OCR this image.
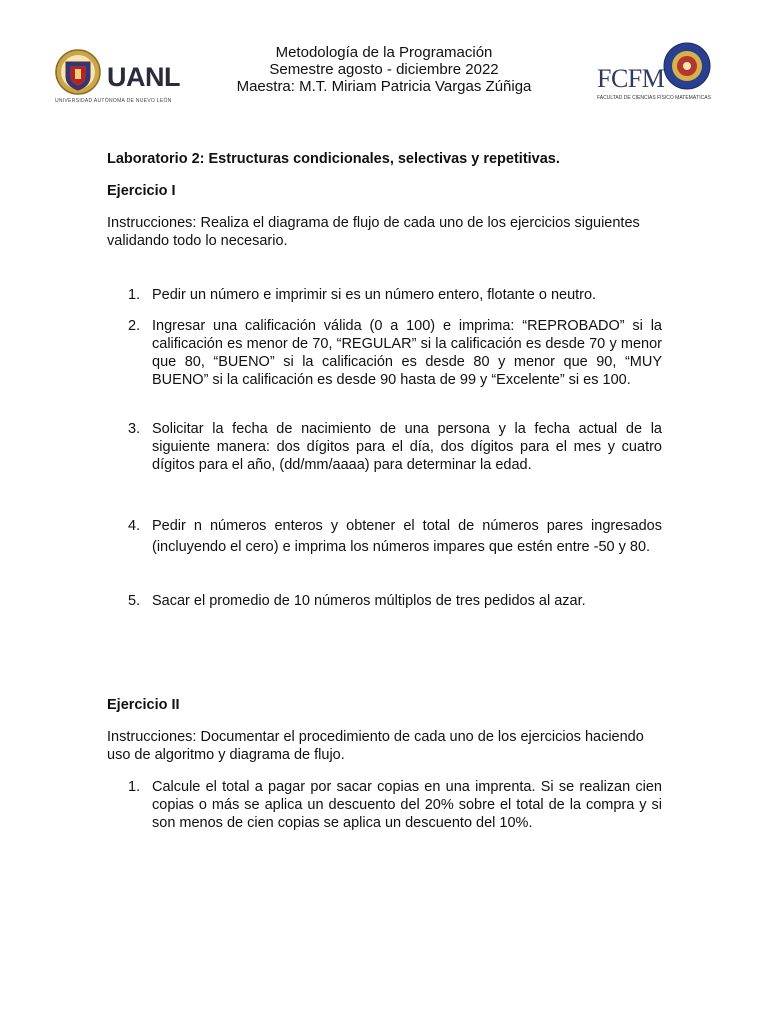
UANL
UNIVERSIDAD AUTÓNOMA DE NUEVO LEÓN
Metodología de la Programación
Semestre agosto - diciembre 2022
Maestra: M.T. Miriam Patricia Vargas Zúñiga	FCFM
FACULTAD DE CIENCIAS FÍSICO MATEMÁTICAS

Laboratorio 2: Estructuras condicionales, selectivas y repetitivas.

Ejercicio I

Instrucciones: Realiza el diagrama de flujo de cada uno de los ejercicios siguientes validando todo lo necesario.

1. Pedir un número e imprimir si es un número entero, flotante o neutro.
2. Ingresar una calificación válida (0 a 100) e imprima: “REPROBADO” si la calificación es menor de 70, “REGULAR” si la calificación es desde 70 y menor que 80, “BUENO” si la calificación es desde 80 y menor que 90, “MUY BUENO” si la calificación es desde 90 hasta de 99 y “Excelente” si es 100.
3. Solicitar la fecha de nacimiento de una persona y la fecha actual de la siguiente manera: dos dígitos para el día, dos dígitos para el mes y cuatro dígitos para el año, (dd/mm/aaaa) para determinar la edad.
4. Pedir n números enteros y obtener el total de números pares ingresados (incluyendo el cero) e imprima los números impares que estén entre -50 y 80.
5. Sacar el promedio de 10 números múltiplos de tres pedidos al azar.

Ejercicio II

Instrucciones: Documentar el procedimiento de cada uno de los ejercicios haciendo uso de algoritmo y diagrama de flujo.

1. Calcule el total a pagar por sacar copias en una imprenta. Si se realizan cien copias o más se aplica un descuento del 20% sobre el total de la compra y si son menos de cien copias se aplica un descuento del 10%.
